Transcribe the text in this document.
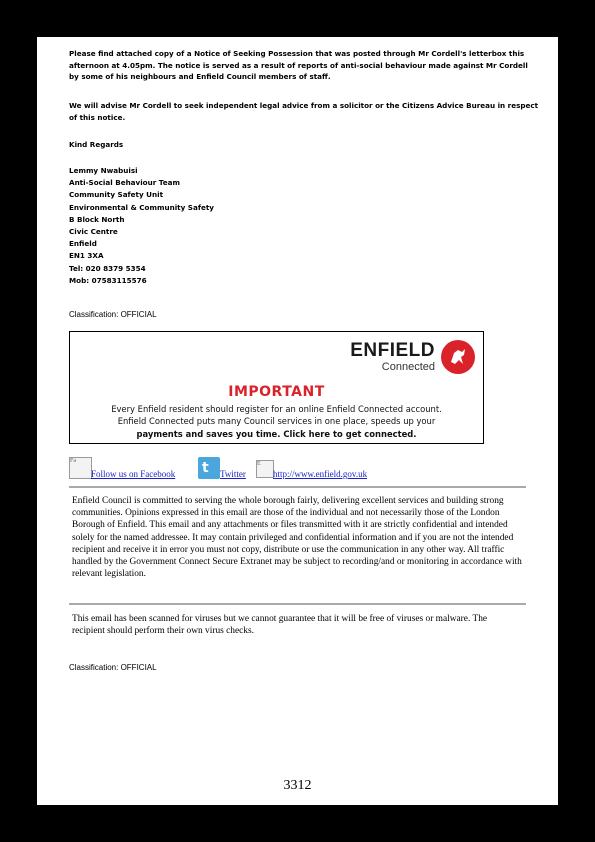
Please find attached copy of a Notice of Seeking Possession that was posted through Mr Cordell's letterbox this afternoon at 4.05pm. The notice is served as a result of reports of anti-social behaviour made against Mr Cordell by some of his neighbours and Enfield Council members of staff.
We will advise Mr Cordell to seek independent legal advice from a solicitor or the Citizens Advice Bureau in respect of this notice.
Kind Regards
Lemmy Nwabuisi
Anti-Social Behaviour Team
Community Safety Unit
Environmental & Community Safety
B Block North
Civic Centre
Enfield
EN1 3XA
Tel: 020 8379 5354
Mob: 07583115576
Classification: OFFICIAL
ENFIELD
Connected
IMPORTANT
Every Enfield resident should register for an online Enfield Connected account.
Enfield Connected puts many Council services in one place, speeds up your
payments and saves you time. Click here to get connected.
Fa
Follow us on Facebook t Twitter
E
http://www.enfield.gov.uk
Enfield Council is committed to serving the whole borough fairly, delivering excellent services and building strong communities. Opinions expressed in this email are those of the individual and not necessarily those of the London Borough of Enfield. This email and any attachments or files transmitted with it are strictly confidential and intended solely for the named addressee. It may contain privileged and confidential information and if you are not the intended recipient and receive it in error you must not copy, distribute or use the communication in any other way. All traffic handled by the Government Connect Secure Extranet may be subject to recording/and or monitoring in accordance with relevant legislation.
This email has been scanned for viruses but we cannot guarantee that it will be free of viruses or malware. The recipient should perform their own virus checks.
Classification: OFFICIAL
3312
